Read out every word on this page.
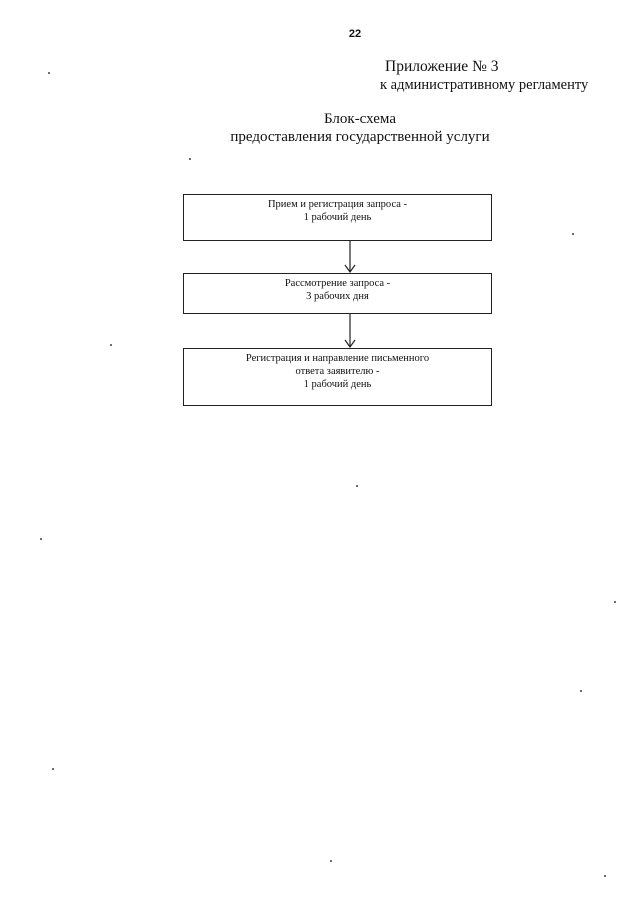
22
Приложение № 3
к административному регламенту
Блок-схема
предоставления государственной услуги
Прием и регистрация запроса -
1 рабочий день
Рассмотрение запроса -
3 рабочих дня
Регистрация и направление письменного
ответа заявителю -
1 рабочий день
